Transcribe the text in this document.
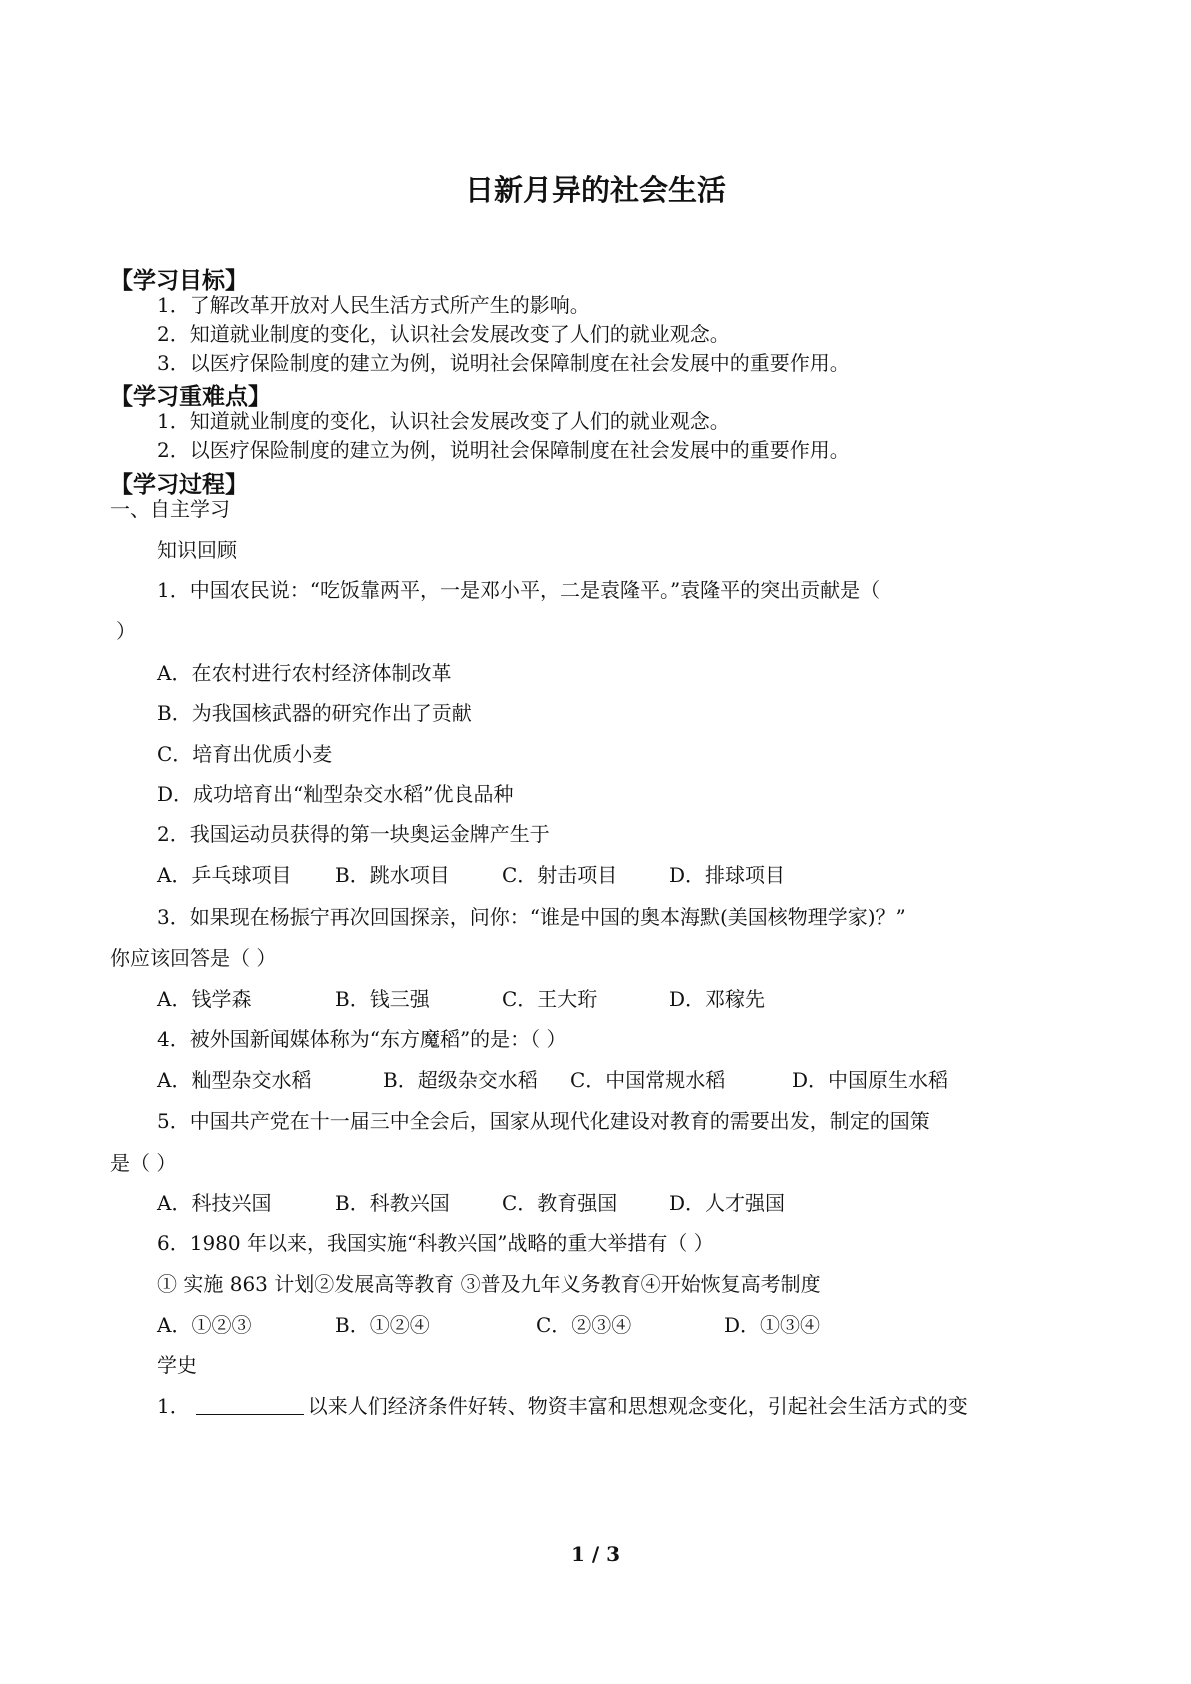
日新月异的社会生活
【学习目标】
1．了解改革开放对人民生活方式所产生的影响。
2．知道就业制度的变化，认识社会发展改变了人们的就业观念。
3．以医疗保险制度的建立为例，说明社会保障制度在社会发展中的重要作用。
【学习重难点】
1．知道就业制度的变化，认识社会发展改变了人们的就业观念。
2．以医疗保险制度的建立为例，说明社会保障制度在社会发展中的重要作用。
【学习过程】
一、自主学习
知识回顾
1．中国农民说：“吃饭靠两平，一是邓小平，二是袁隆平。”袁隆平的突出贡献是（
）
A．在农村进行农村经济体制改革
B．为我国核武器的研究作出了贡献
C．培育出优质小麦
D．成功培育出“籼型杂交水稻”优良品种
2．我国运动员获得的第一块奥运金牌产生于
A．乒乓球项目 B．跳水项目	C．射击项目	D．排球项目
3．如果现在杨振宁再次回国探亲，问你：“谁是中国的奥本海默(美国核物理学家)？”
你应该回答是（ ）
A．钱学森	B．钱三强	C．王大珩	D．邓稼先
4．被外国新闻媒体称为“东方魔稻”的是：（ ）
A．籼型杂交水稻	B．超级杂交水稻 C．中国常规水稻	D．中国原生水稻
5．中国共产党在十一届三中全会后，国家从现代化建设对教育的需要出发，制定的国策
是（ ）
A．科技兴国	B．科教兴国	C．教育强国	D．人才强国
6．1980 年以来，我国实施“科教兴国”战略的重大举措有（ ）
① 实施 863 计划②发展高等教育 ③普及九年义务教育④开始恢复高考制度
A．①②③	B．①②④	C．②③④	D．①③④
学史
1．	以来人们经济条件好转、物资丰富和思想观念变化，引起社会生活方式的变
1 / 3
